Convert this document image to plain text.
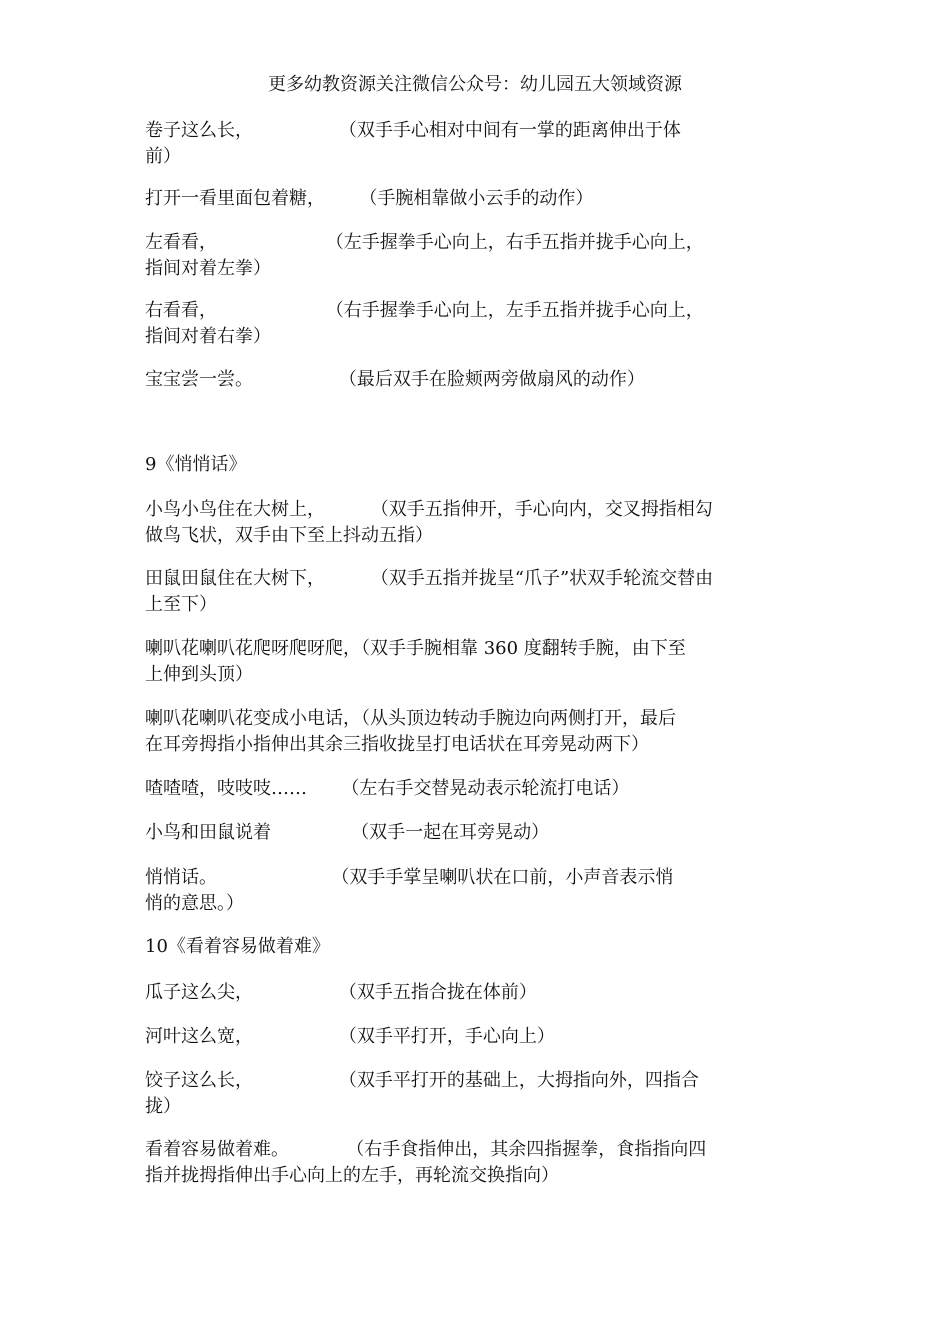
更多幼教资源关注微信公众号：幼儿园五大领域资源
卷子这么长，               （双手手心相对中间有一掌的距离伸出于体
前）
打开一看里面包着糖，      （手腕相靠做小云手的动作）
左看看，                   （左手握拳手心向上，右手五指并拢手心向上，
指间对着左拳）
右看看，                   （右手握拳手心向上，左手五指并拢手心向上，
指间对着右拳）
宝宝尝一尝。               （最后双手在脸颊两旁做扇风的动作）
9《悄悄话》
小鸟小鸟住在大树上，        （双手五指伸开，手心向内，交叉拇指相勾
做鸟飞状，双手由下至上抖动五指）
田鼠田鼠住在大树下，        （双手五指并拢呈“爪子”状双手轮流交替由
上至下）
喇叭花喇叭花爬呀爬呀爬，（双手手腕相靠 360 度翻转手腕，由下至
上伸到头顶）
喇叭花喇叭花变成小电话，（从头顶边转动手腕边向两侧打开，最后
在耳旁拇指小指伸出其余三指收拢呈打电话状在耳旁晃动两下）
喳喳喳，吱吱吱……      （左右手交替晃动表示轮流打电话）
小鸟和田鼠说着              （双手一起在耳旁晃动）
悄悄话。                    （双手手掌呈喇叭状在口前，小声音表示悄
悄的意思。）
10《看着容易做着难》
瓜子这么尖，               （双手五指合拢在体前）
河叶这么宽，               （双手平打开，手心向上）
饺子这么长，               （双手平打开的基础上，大拇指向外，四指合
拢）
看着容易做着难。          （右手食指伸出，其余四指握拳，食指指向四
指并拢拇指伸出手心向上的左手，再轮流交换指向）
